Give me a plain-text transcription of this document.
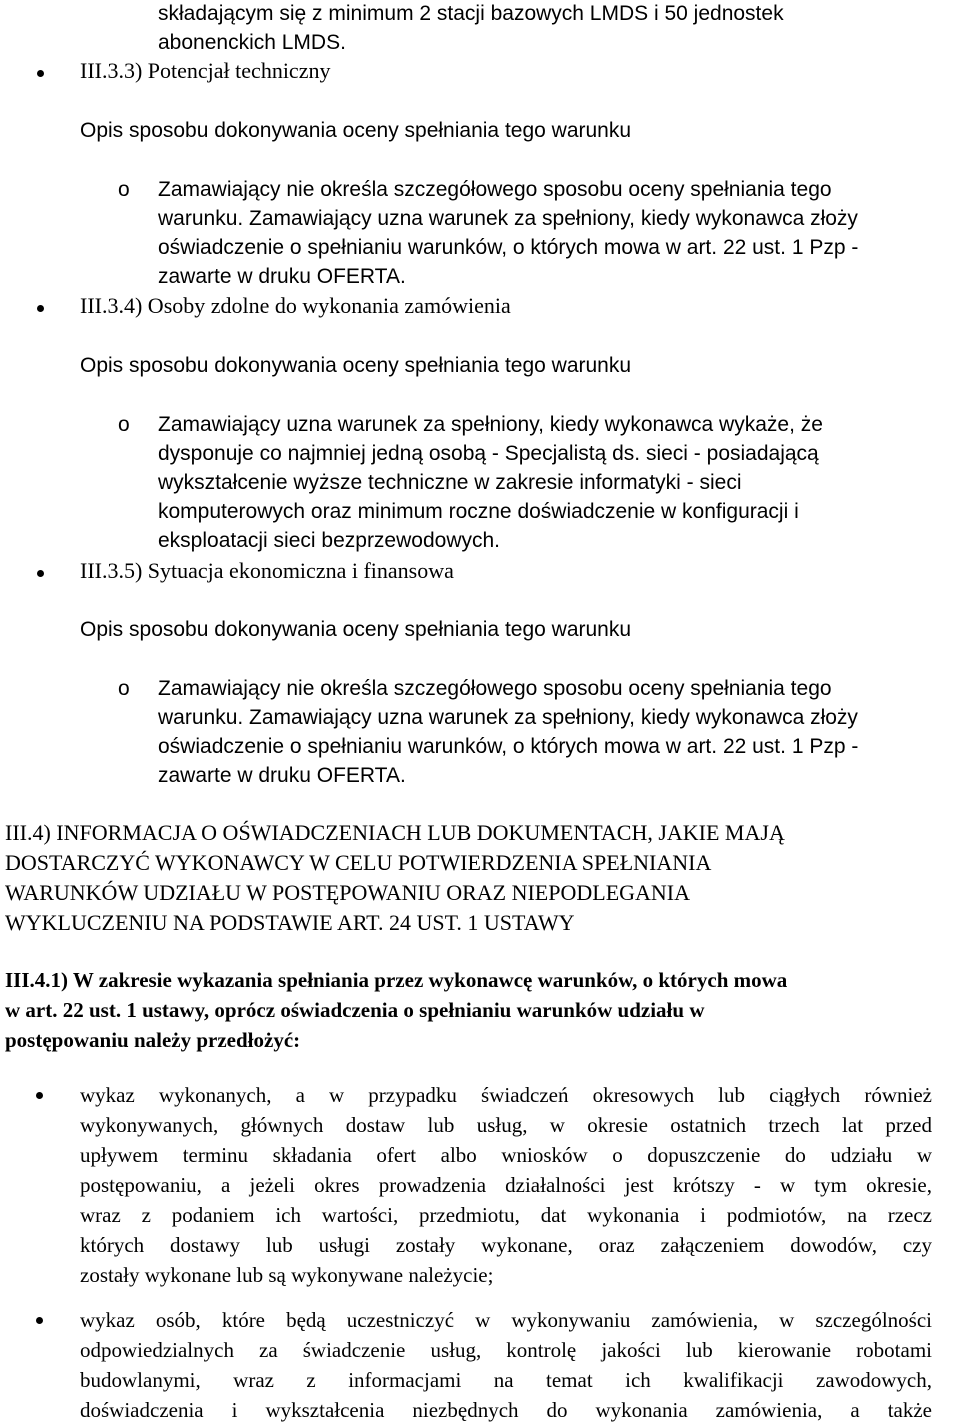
składającym się z minimum 2 stacji bazowych LMDS i 50 jednostek
abonenckich LMDS.
III.3.3) Potencjał techniczny
Opis sposobu dokonywania oceny spełniania tego warunku
o Zamawiający nie określa szczegółowego sposobu oceny spełniania tego
warunku. Zamawiający uzna warunek za spełniony, kiedy wykonawca złoży
oświadczenie o spełnianiu warunków, o których mowa w art. 22 ust. 1 Pzp -
zawarte w druku OFERTA.
III.3.4) Osoby zdolne do wykonania zamówienia
Opis sposobu dokonywania oceny spełniania tego warunku
o Zamawiający uzna warunek za spełniony, kiedy wykonawca wykaże, że
dysponuje co najmniej jedną osobą - Specjalistą ds. sieci - posiadającą
wykształcenie wyższe techniczne w zakresie informatyki - sieci
komputerowych oraz minimum roczne doświadczenie w konfiguracji i
eksploatacji sieci bezprzewodowych.
III.3.5) Sytuacja ekonomiczna i finansowa
Opis sposobu dokonywania oceny spełniania tego warunku
o Zamawiający nie określa szczegółowego sposobu oceny spełniania tego
warunku. Zamawiający uzna warunek za spełniony, kiedy wykonawca złoży
oświadczenie o spełnianiu warunków, o których mowa w art. 22 ust. 1 Pzp -
zawarte w druku OFERTA.
III.4) INFORMACJA O OŚWIADCZENIACH LUB DOKUMENTACH, JAKIE MAJĄ
DOSTARCZYĆ WYKONAWCY W CELU POTWIERDZENIA SPEŁNIANIA
WARUNKÓW UDZIAŁU W POSTĘPOWANIU ORAZ NIEPODLEGANIA
WYKLUCZENIU NA PODSTAWIE ART. 24 UST. 1 USTAWY
III.4.1) W zakresie wykazania spełniania przez wykonawcę warunków, o których mowa
w art. 22 ust. 1 ustawy, oprócz oświadczenia o spełnianiu warunków udziału w
postępowaniu należy przedłożyć:
wykaz wykonanych, a w przypadku świadczeń okresowych lub ciągłych również
wykonywanych, głównych dostaw lub usług, w okresie ostatnich trzech lat przed
upływem terminu składania ofert albo wniosków o dopuszczenie do udziału w
postępowaniu, a jeżeli okres prowadzenia działalności jest krótszy - w tym okresie,
wraz z podaniem ich wartości, przedmiotu, dat wykonania i podmiotów, na rzecz
których dostawy lub usługi zostały wykonane, oraz załączeniem dowodów, czy
zostały wykonane lub są wykonywane należycie;
wykaz osób, które będą uczestniczyć w wykonywaniu zamówienia, w szczególności
odpowiedzialnych za świadczenie usług, kontrolę jakości lub kierowanie robotami
budowlanymi, wraz z informacjami na temat ich kwalifikacji zawodowych,
doświadczenia i wykształcenia niezbędnych do wykonania zamówienia, a także
